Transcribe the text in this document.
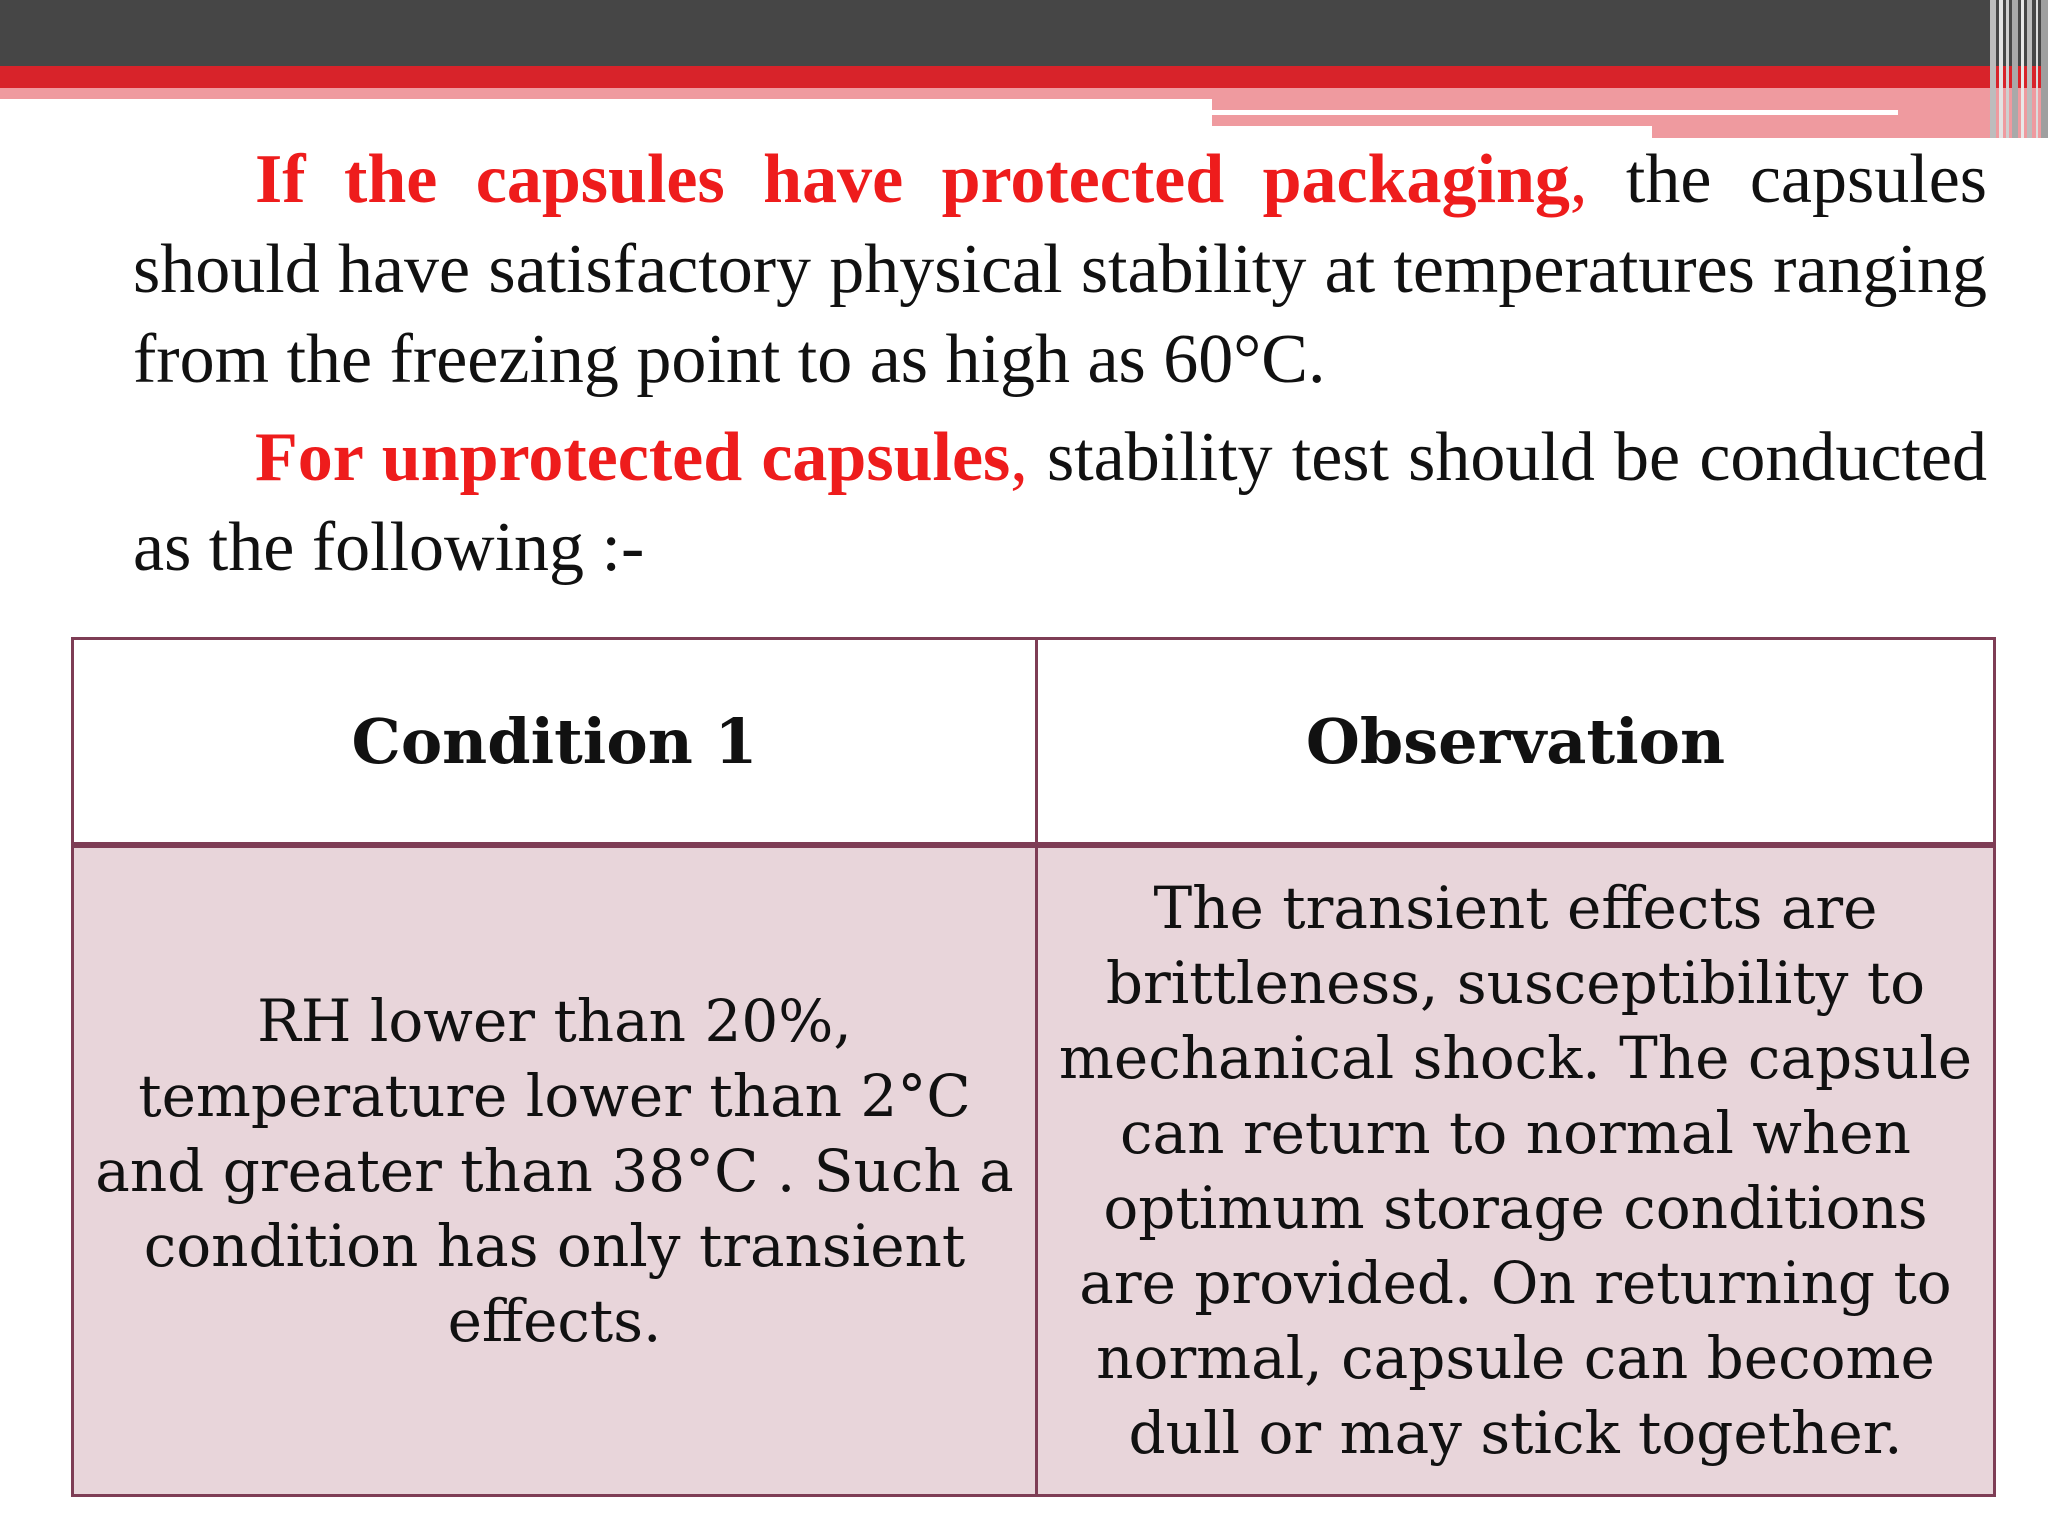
If the capsules have protected packaging, the capsules should have satisfactory physical stability at temperatures ranging from the freezing point to as high as 60°C.

For unprotected capsules, stability test should be conducted as the following :-

Condition 1	Observation
RH lower than 20%, temperature lower than 2°C and greater than 38°C . Such a condition has only transient effects.	The transient effects are brittleness, susceptibility to mechanical shock. The capsule can return to normal when optimum storage conditions are provided. On returning to normal, capsule can become dull or may stick together.
